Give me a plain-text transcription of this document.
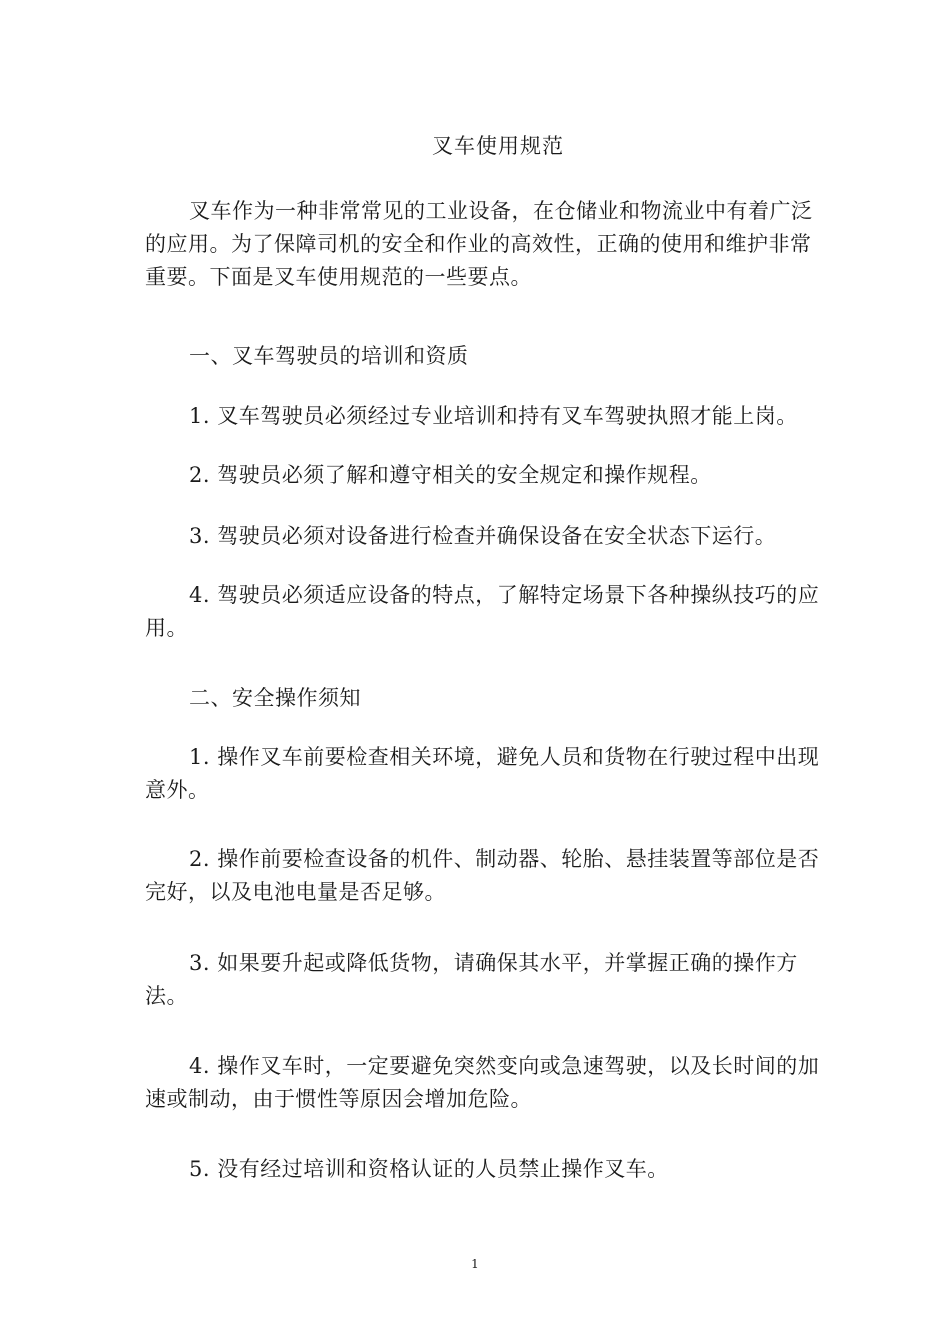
叉车使用规范

叉车作为一种非常常见的工业设备，在仓储业和物流业中有着广泛的应用。为了保障司机的安全和作业的高效性，正确的使用和维护非常重要。下面是叉车使用规范的一些要点。

一、叉车驾驶员的培训和资质

1. 叉车驾驶员必须经过专业培训和持有叉车驾驶执照才能上岗。

2. 驾驶员必须了解和遵守相关的安全规定和操作规程。

3. 驾驶员必须对设备进行检查并确保设备在安全状态下运行。

4. 驾驶员必须适应设备的特点，了解特定场景下各种操纵技巧的应用。

二、安全操作须知

1. 操作叉车前要检查相关环境，避免人员和货物在行驶过程中出现意外。

2. 操作前要检查设备的机件、制动器、轮胎、悬挂装置等部位是否完好，以及电池电量是否足够。

3. 如果要升起或降低货物，请确保其水平，并掌握正确的操作方法。

4. 操作叉车时，一定要避免突然变向或急速驾驶，以及长时间的加速或制动，由于惯性等原因会增加危险。

5. 没有经过培训和资格认证的人员禁止操作叉车。

1
